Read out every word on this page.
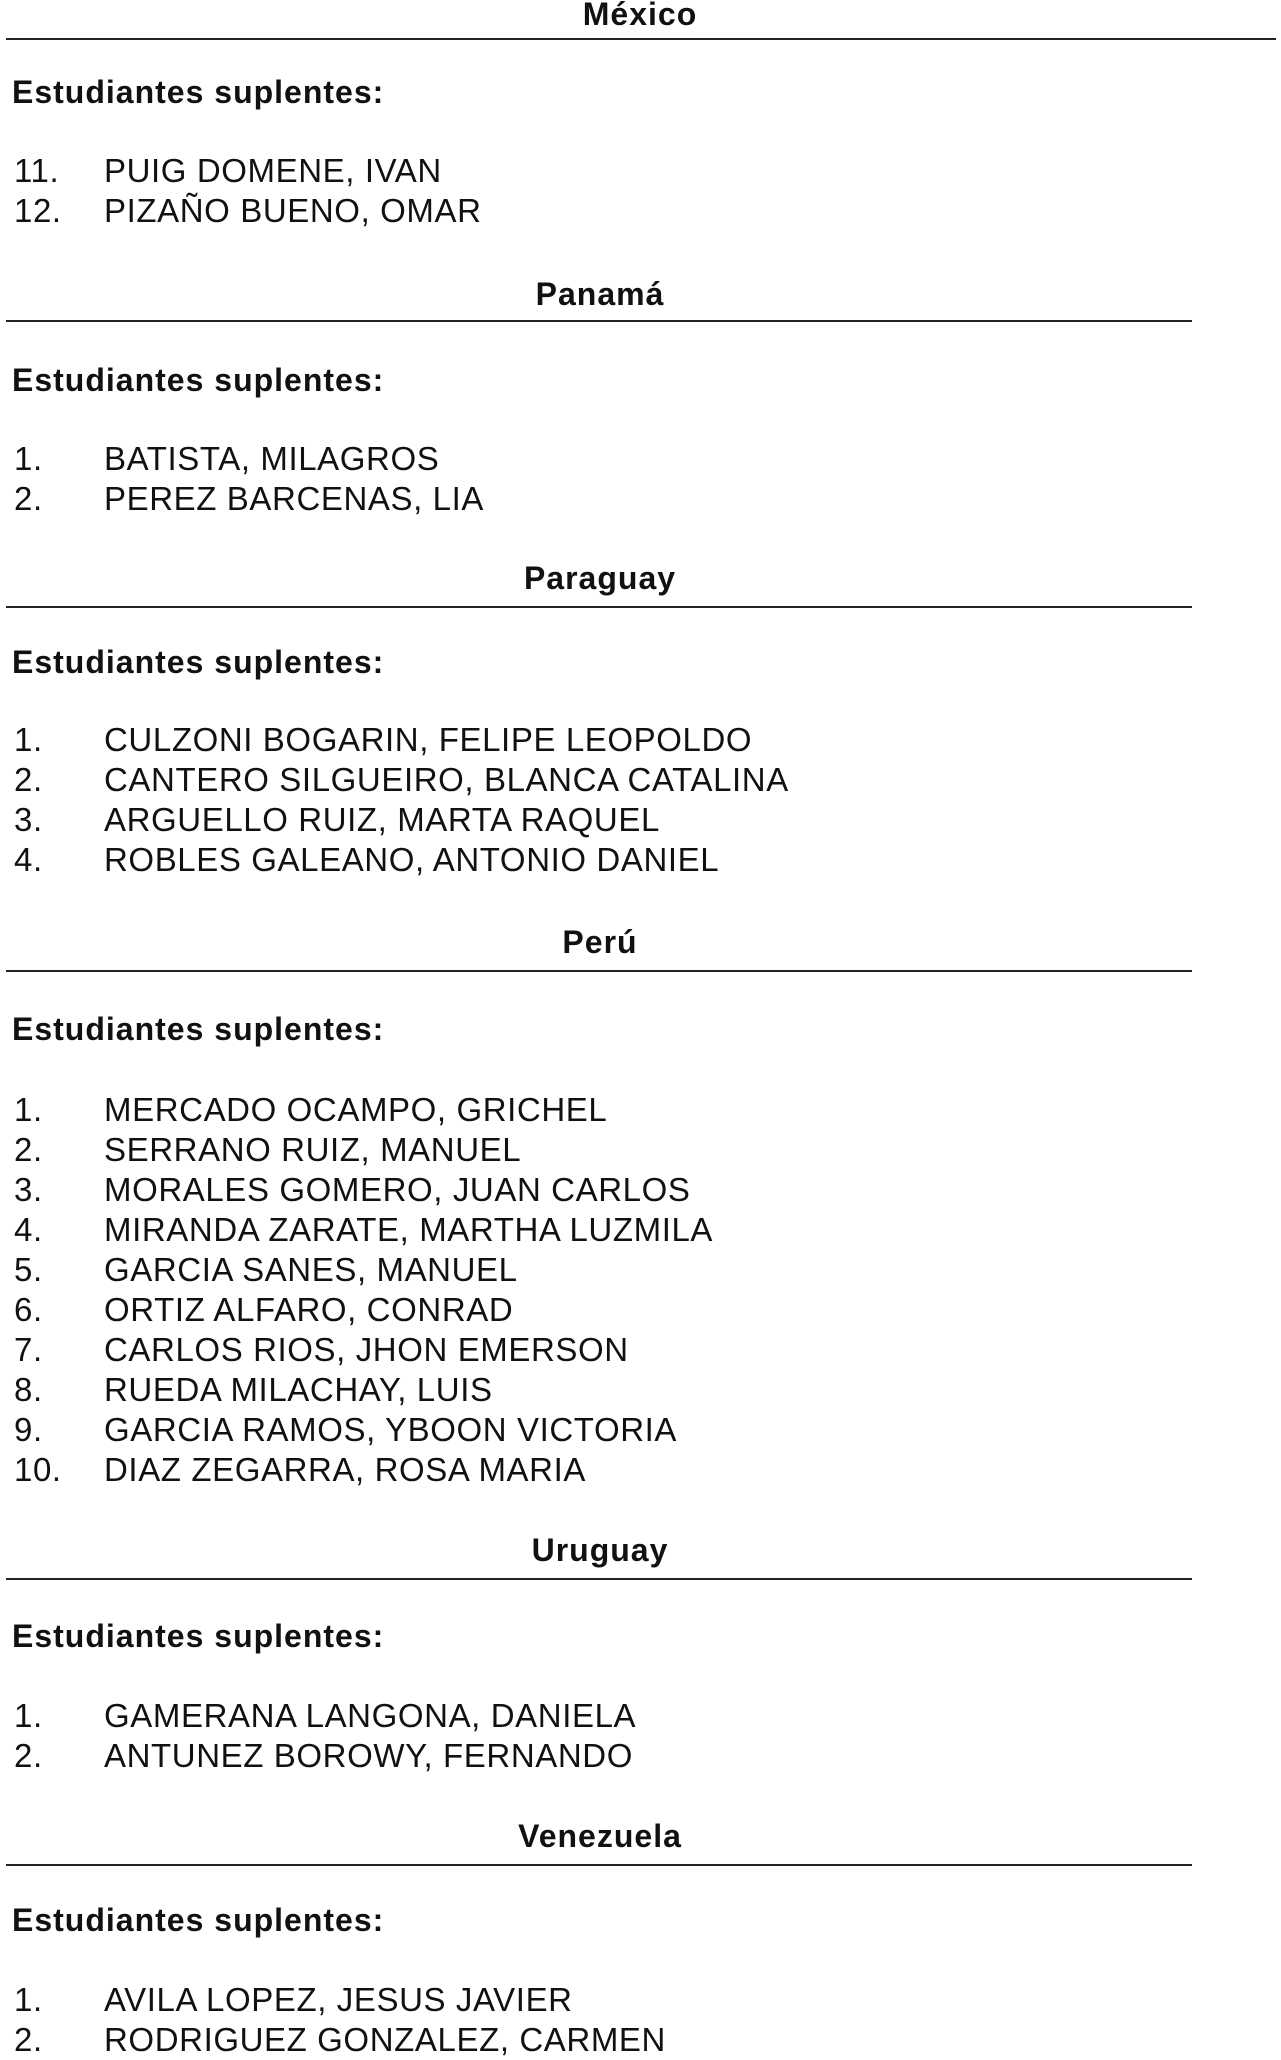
México
Estudiantes suplentes:
11. PUIG DOMENE, IVAN
12. PIZAÑO BUENO, OMAR
Panamá
Estudiantes suplentes:
1. BATISTA, MILAGROS
2. PEREZ BARCENAS, LIA
Paraguay
Estudiantes suplentes:
1. CULZONI BOGARIN, FELIPE LEOPOLDO
2. CANTERO SILGUEIRO, BLANCA CATALINA
3. ARGUELLO RUIZ, MARTA RAQUEL
4. ROBLES GALEANO, ANTONIO DANIEL
Perú
Estudiantes suplentes:
1. MERCADO OCAMPO, GRICHEL
2. SERRANO RUIZ, MANUEL
3. MORALES GOMERO, JUAN CARLOS
4. MIRANDA ZARATE, MARTHA LUZMILA
5. GARCIA SANES, MANUEL
6. ORTIZ ALFARO, CONRAD
7. CARLOS RIOS, JHON EMERSON
8. RUEDA MILACHAY, LUIS
9. GARCIA RAMOS, YBOON VICTORIA
10. DIAZ ZEGARRA, ROSA MARIA
Uruguay
Estudiantes suplentes:
1. GAMERANA LANGONA, DANIELA
2. ANTUNEZ BOROWY, FERNANDO
Venezuela
Estudiantes suplentes:
1. AVILA LOPEZ, JESUS JAVIER
2. RODRIGUEZ GONZALEZ, CARMEN
